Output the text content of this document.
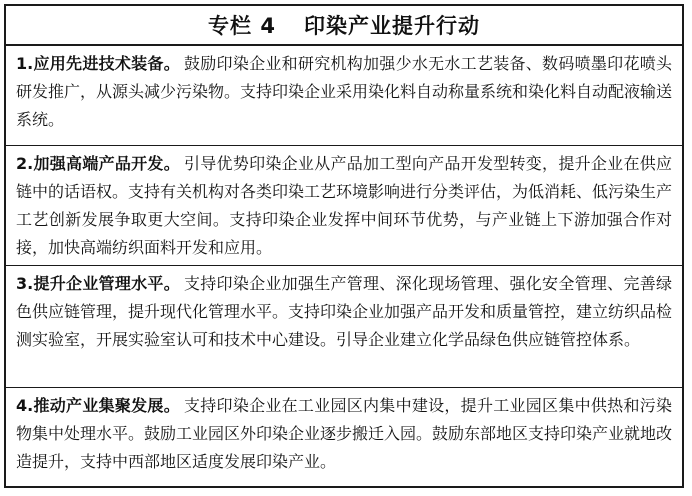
专栏 4 印染产业提升行动
1.应用先进技术装备。 鼓励印染企业和研究机构加强少水无水工艺装备、数码喷墨印花喷头研发推广，从源头减少污染物。支持印染企业采用染化料自动称量系统和染化料自动配液输送系统。
2.加强高端产品开发。 引导优势印染企业从产品加工型向产品开发型转变，提升企业在供应链中的话语权。支持有关机构对各类印染工艺环境影响进行分类评估，为低消耗、低污染生产工艺创新发展争取更大空间。支持印染企业发挥中间环节优势，与产业链上下游加强合作对接，加快高端纺织面料开发和应用。
3.提升企业管理水平。 支持印染企业加强生产管理、深化现场管理、强化安全管理、完善绿色供应链管理，提升现代化管理水平。支持印染企业加强产品开发和质量管控，建立纺织品检测实验室，开展实验室认可和技术中心建设。引导企业建立化学品绿色供应链管控体系。
4.推动产业集聚发展。 支持印染企业在工业园区内集中建设，提升工业园区集中供热和污染物集中处理水平。鼓励工业园区外印染企业逐步搬迁入园。鼓励东部地区支持印染产业就地改造提升，支持中西部地区适度发展印染产业。
